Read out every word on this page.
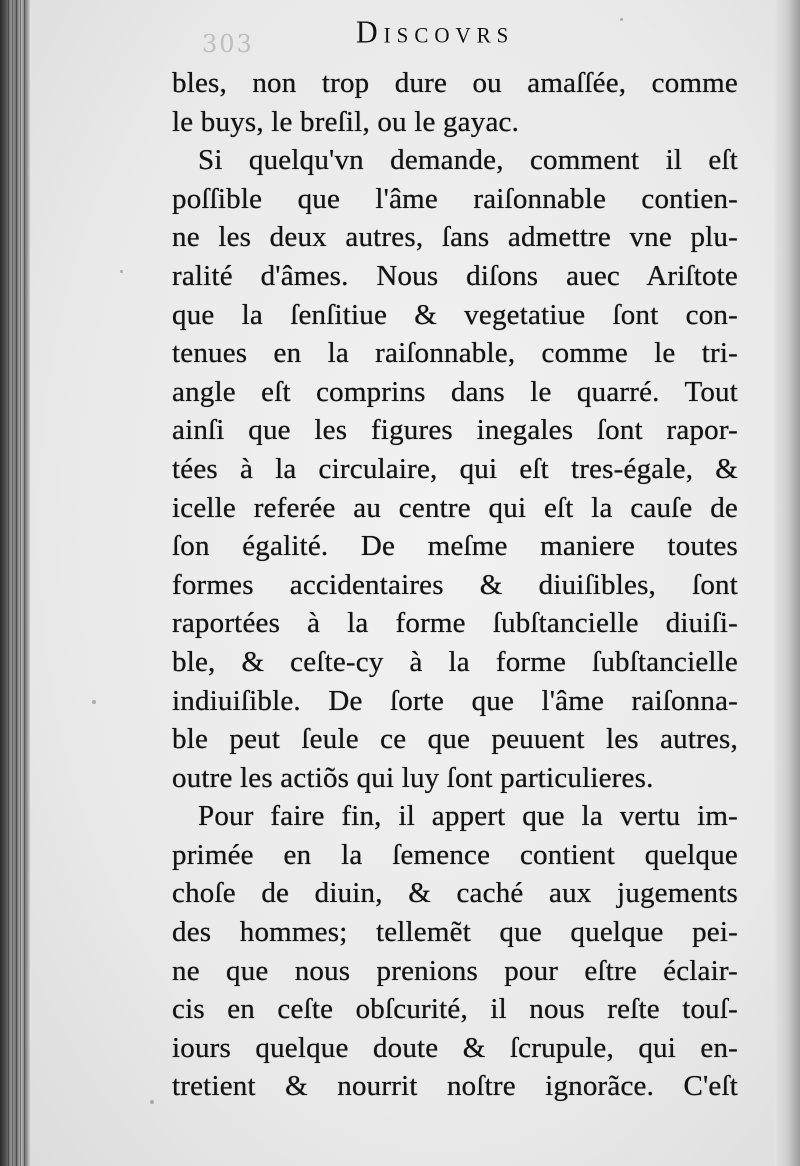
303	Discovrs
bles, non trop dure ou amaſſée, comme
le buys, le breſil, ou le gayac.
Si quelqu'vn demande, comment il eſt
poſſible que l'âme raiſonnable contien-
ne les deux autres, ſans admettre vne plu-
ralité d'âmes. Nous diſons auec Ariſtote
que la ſenſitiue & vegetatiue ſont con-
tenues en la raiſonnable, comme le tri-
angle eſt comprins dans le quarré. Tout
ainſi que les figures inegales ſont rapor-
tées à la circulaire, qui eſt tres-égale, &
icelle referée au centre qui eſt la cauſe de
ſon égalité. De meſme maniere toutes
formes accidentaires & diuiſibles, ſont
raportées à la forme ſubſtancielle diuiſi-
ble, & ceſte-cy à la forme ſubſtancielle
indiuiſible. De ſorte que l'âme raiſonna-
ble peut ſeule ce que peuuent les autres,
outre les actiõs qui luy ſont particulieres.
Pour faire fin, il appert que la vertu im-
primée en la ſemence contient quelque
choſe de diuin, & caché aux jugements
des hommes; tellemẽt que quelque pei-
ne que nous prenions pour eſtre éclair-
cis en ceſte obſcurité, il nous reſte touſ-
iours quelque doute & ſcrupule, qui en-
tretient & nourrit noſtre ignorãce. C'eſt
